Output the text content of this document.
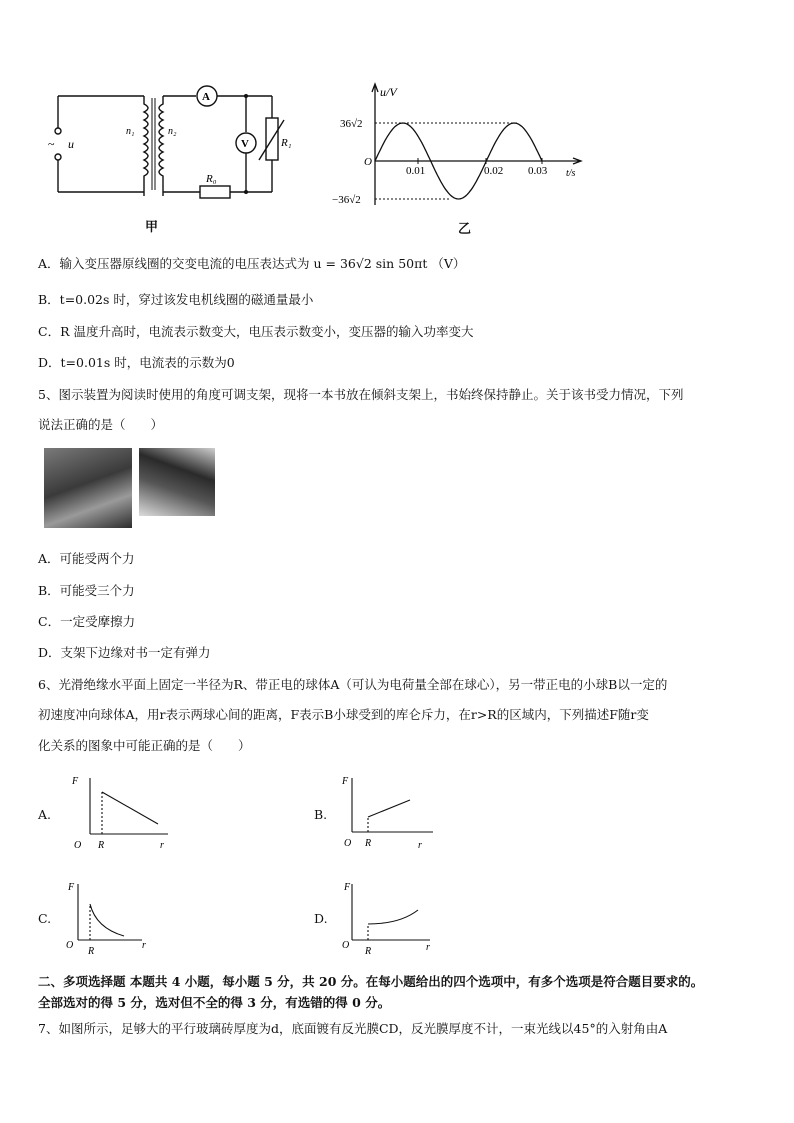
~ u
n₁	n₂
A
V
R₀
R₁
甲
u/V
36√2
−36√2
O
0.01	0.02 0.03 t/s
乙
A．输入变压器原线圈的交变电流的电压表达式为 u = 36√2 sin 50πt （V）
B．t=0.02s 时，穿过该发电机线圈的磁通量最小
C．R 温度升高时，电流表示数变大，电压表示数变小，变压器的输入功率变大
D．t=0.01s 时，电流表的示数为0
5、图示装置为阅读时使用的角度可调支架，现将一本书放在倾斜支架上，书始终保持静止。关于该书受力情况，下列
说法正确的是（　　）
A．可能受两个力
B．可能受三个力
C．一定受摩擦力
D．支架下边缘对书一定有弹力
6、光滑绝缘水平面上固定一半径为R、带正电的球体A（可认为电荷量全部在球心），另一带正电的小球B以一定的
初速度冲向球体A，用r表示两球心间的距离，F表示B小球受到的库仑斥力，在r>R的区域内，下列描述F随r变
化关系的图象中可能正确的是（　　）
A.
F
O R	r
B.
F
O R	r
C.
F
O
R
r
D.
F
O
R	r
二、多项选择题 本题共 4 小题，每小题 5 分，共 20 分。在每小题给出的四个选项中，有多个选项是符合题目要求的。
全部选对的得 5 分，选对但不全的得 3 分，有选错的得 0 分。
7、如图所示，足够大的平行玻璃砖厚度为d，底面镀有反光膜CD，反光膜厚度不计，一束光线以45°的入射角由A
